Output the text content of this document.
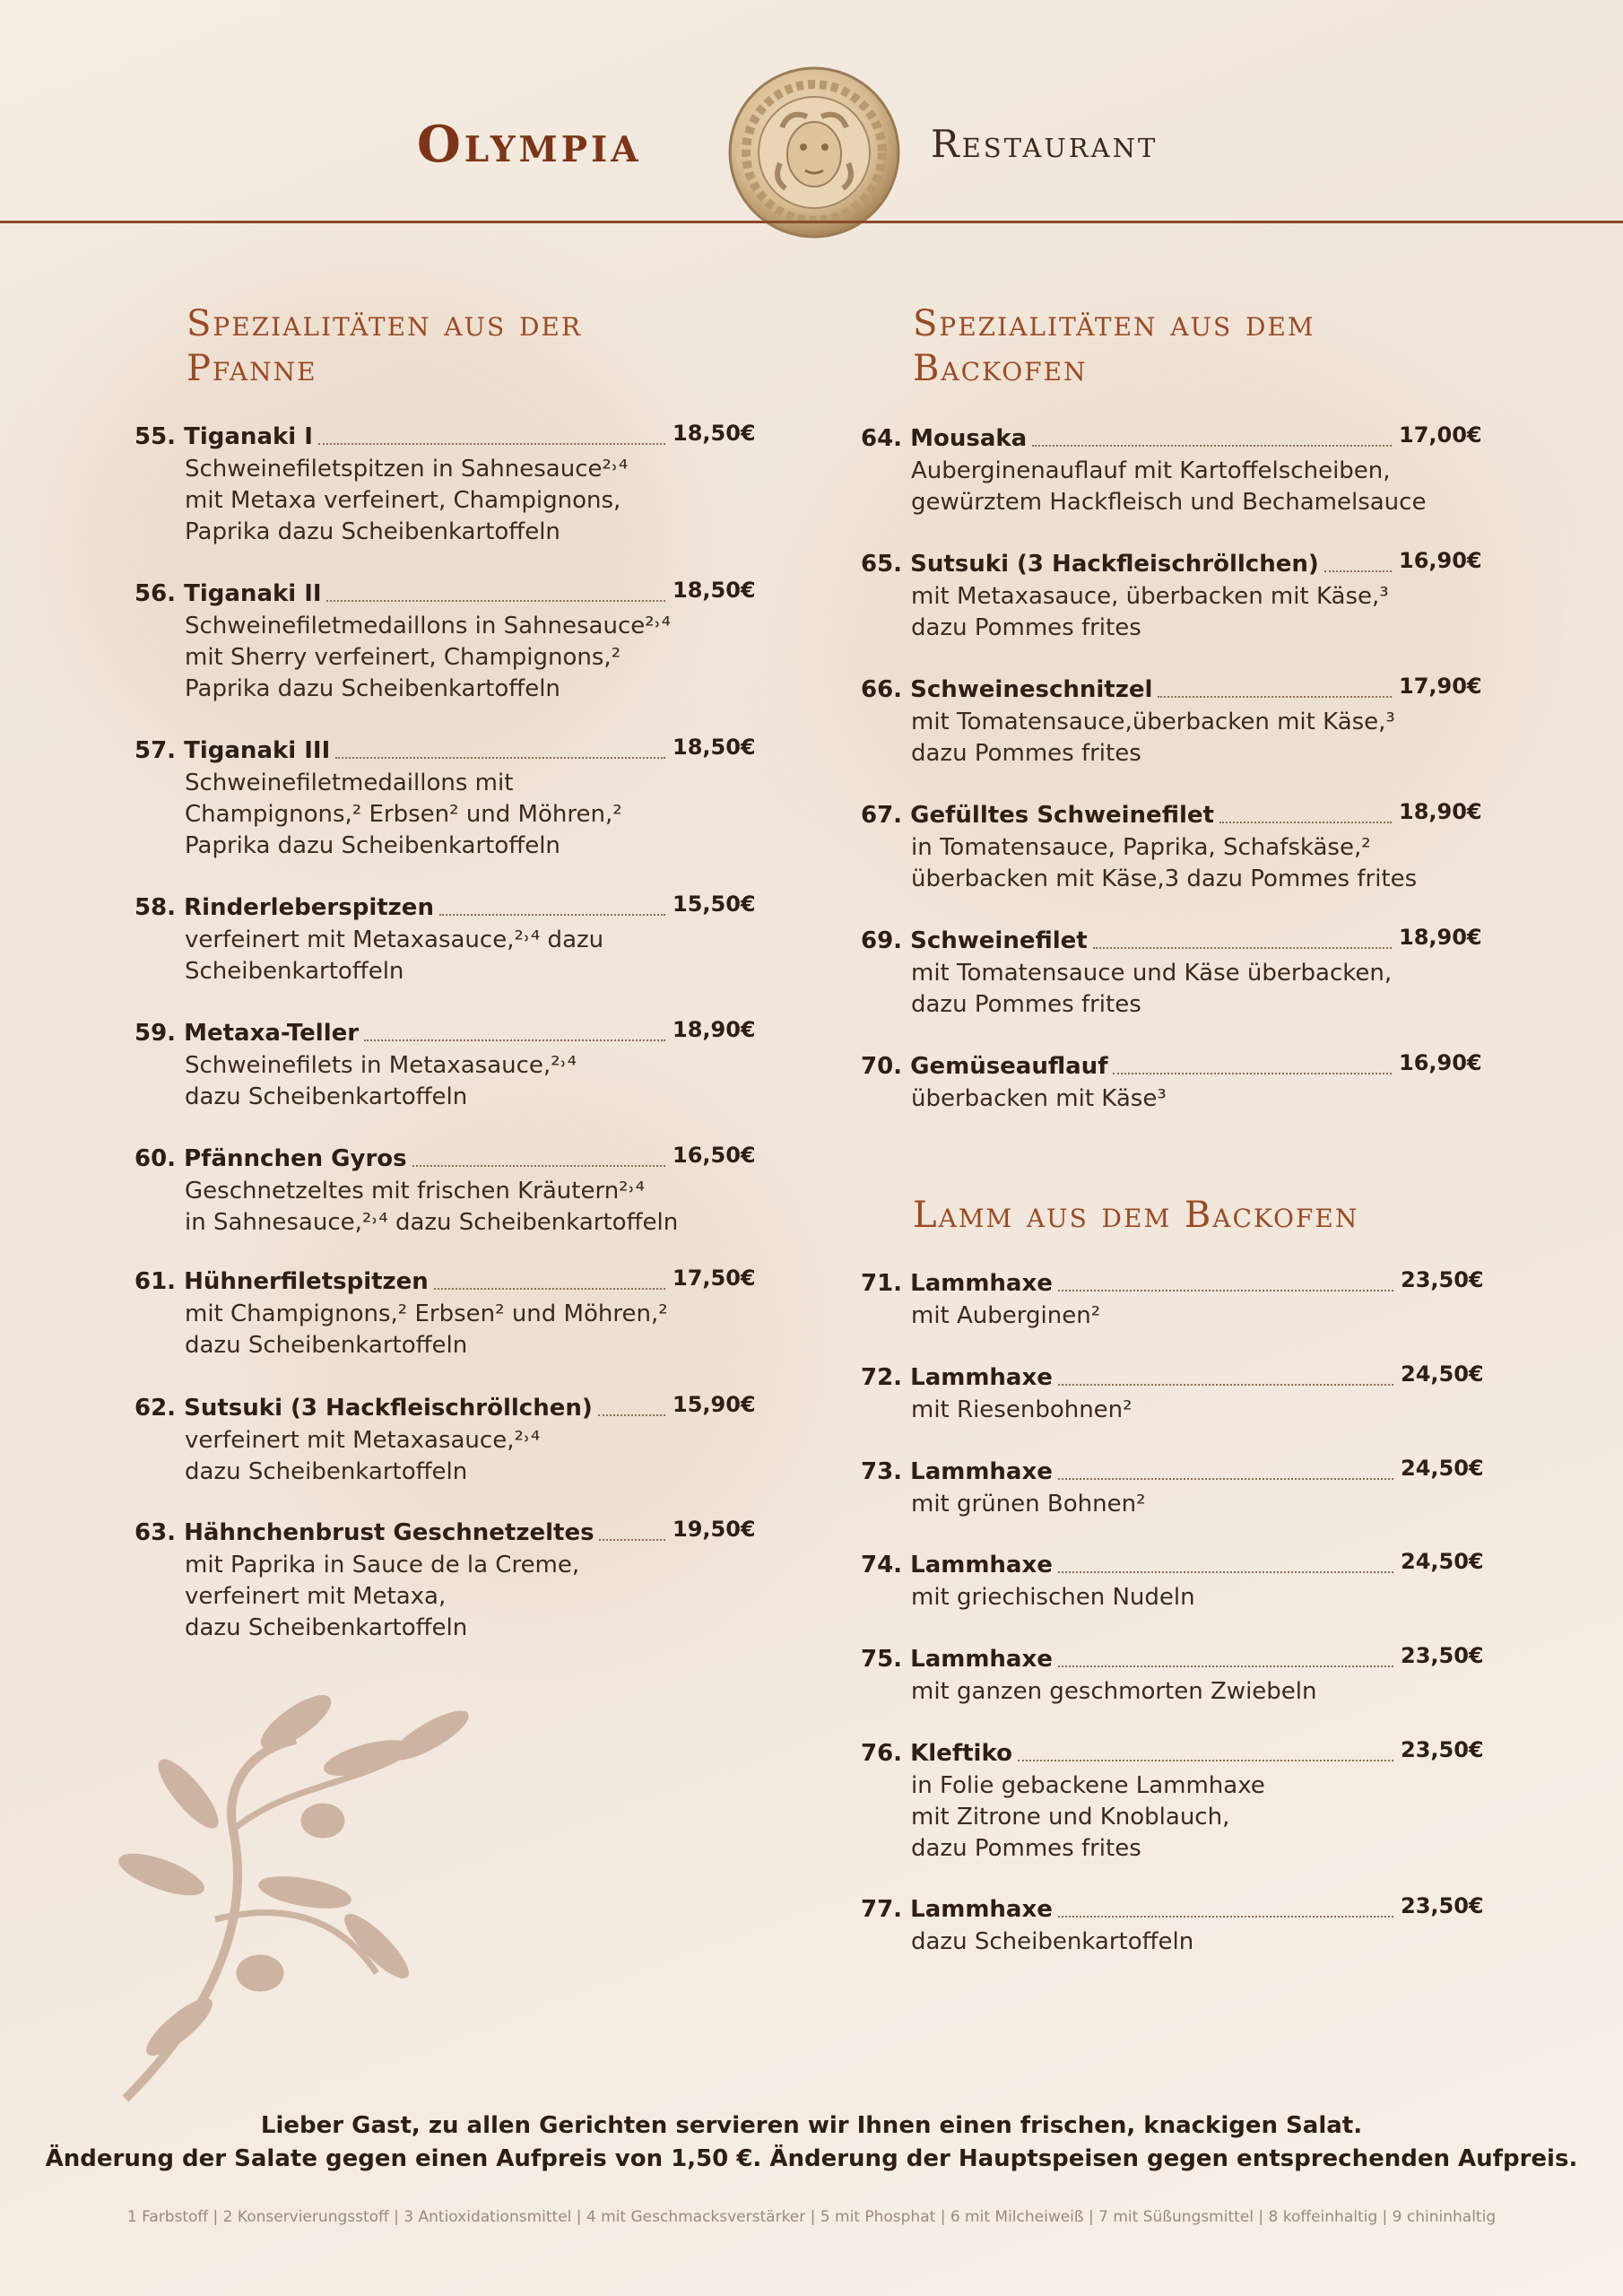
Olympia	Restaurant
Spezialitäten aus der
Pfanne
Spezialitäten aus dem
Backofen
Lamm aus dem Backofen
55. Tiganaki I	18,50€
Schweinefiletspitzen in Sahnesauce²˒⁴
mit Metaxa verfeinert, Champignons,
Paprika dazu Scheibenkartoffeln
56. Tiganaki II	18,50€
Schweinefiletmedaillons in Sahnesauce²˒⁴
mit Sherry verfeinert, Champignons,²
Paprika dazu Scheibenkartoffeln
57. Tiganaki III	18,50€
Schweinefiletmedaillons mit
Champignons,² Erbsen² und Möhren,²
Paprika dazu Scheibenkartoffeln
58. Rinderleberspitzen	15,50€
verfeinert mit Metaxasauce,²˒⁴ dazu
Scheibenkartoffeln
59. Metaxa-Teller	18,90€
Schweinefilets in Metaxasauce,²˒⁴
dazu Scheibenkartoffeln
60. Pfännchen Gyros	16,50€
Geschnetzeltes mit frischen Kräutern²˒⁴
in Sahnesauce,²˒⁴ dazu Scheibenkartoffeln
61. Hühnerfiletspitzen	17,50€
mit Champignons,² Erbsen² und Möhren,²
dazu Scheibenkartoffeln
62. Sutsuki (3 Hackfleischröllchen)	15,90€
verfeinert mit Metaxasauce,²˒⁴
dazu Scheibenkartoffeln
63. Hähnchenbrust Geschnetzeltes	19,50€
mit Paprika in Sauce de la Creme,
verfeinert mit Metaxa,
dazu Scheibenkartoffeln
64. Mousaka	17,00€
Auberginenauflauf mit Kartoffelscheiben,
gewürztem Hackfleisch und Bechamelsauce
65. Sutsuki (3 Hackfleischröllchen)	16,90€
mit Metaxasauce, überbacken mit Käse,³
dazu Pommes frites
66. Schweineschnitzel	17,90€
mit Tomatensauce,überbacken mit Käse,³
dazu Pommes frites
67. Gefülltes Schweinefilet	18,90€
in Tomatensauce, Paprika, Schafskäse,²
überbacken mit Käse,3 dazu Pommes frites
69. Schweinefilet	18,90€
mit Tomatensauce und Käse überbacken,
dazu Pommes frites
70. Gemüseauflauf	16,90€
überbacken mit Käse³
71. Lammhaxe	23,50€
mit Auberginen²
72. Lammhaxe	24,50€
mit Riesenbohnen²
73. Lammhaxe	24,50€
mit grünen Bohnen²
74. Lammhaxe	24,50€
mit griechischen Nudeln
75. Lammhaxe	23,50€
mit ganzen geschmorten Zwiebeln
76. Kleftiko	23,50€
in Folie gebackene Lammhaxe
mit Zitrone und Knoblauch,
dazu Pommes frites
77. Lammhaxe	23,50€
dazu Scheibenkartoffeln
Lieber Gast, zu allen Gerichten servieren wir Ihnen einen frischen, knackigen Salat.
Änderung der Salate gegen einen Aufpreis von 1,50 €. Änderung der Hauptspeisen gegen entsprechenden Aufpreis.
1 Farbstoff | 2 Konservierungsstoff | 3 Antioxidationsmittel | 4 mit Geschmacksverstärker | 5 mit Phosphat | 6 mit Milcheiweiß | 7 mit Süßungsmittel | 8 koffeinhaltig | 9 chininhaltig
